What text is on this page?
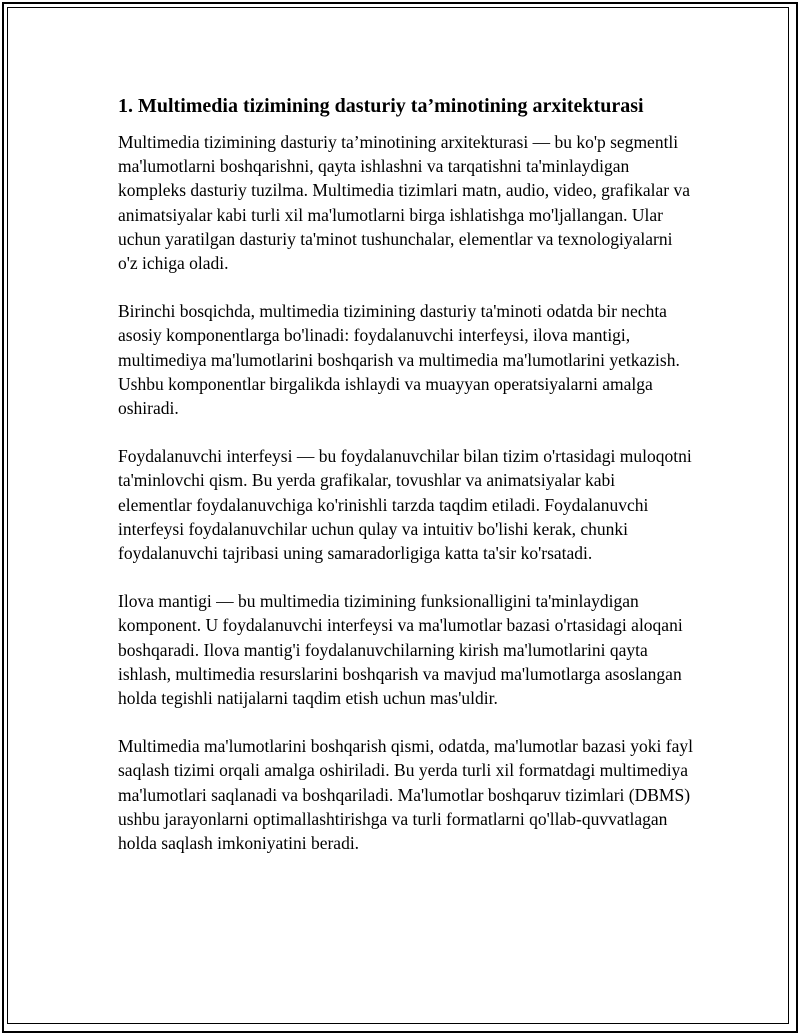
1. Multimedia tizimining dasturiy ta’minotining arxitekturasi

Multimedia tizimining dasturiy ta’minotining arxitekturasi — bu ko'p segmentli ma'lumotlarni boshqarishni, qayta ishlashni va tarqatishni ta'minlaydigan kompleks dasturiy tuzilma. Multimedia tizimlari matn, audio, video, grafikalar va animatsiyalar kabi turli xil ma'lumotlarni birga ishlatishga mo'ljallangan. Ular uchun yaratilgan dasturiy ta'minot tushunchalar, elementlar va texnologiyalarni o'z ichiga oladi.

Birinchi bosqichda, multimedia tizimining dasturiy ta'minoti odatda bir nechta asosiy komponentlarga bo'linadi: foydalanuvchi interfeysi, ilova mantigi, multimediya ma'lumotlarini boshqarish va multimedia ma'lumotlarini yetkazish. Ushbu komponentlar birgalikda ishlaydi va muayyan operatsiyalarni amalga oshiradi.

Foydalanuvchi interfeysi — bu foydalanuvchilar bilan tizim o'rtasidagi muloqotni ta'minlovchi qism. Bu yerda grafikalar, tovushlar va animatsiyalar kabi elementlar foydalanuvchiga ko'rinishli tarzda taqdim etiladi. Foydalanuvchi interfeysi foydalanuvchilar uchun qulay va intuitiv bo'lishi kerak, chunki foydalanuvchi tajribasi uning samaradorligiga katta ta'sir ko'rsatadi.

Ilova mantigi — bu multimedia tizimining funksionalligini ta'minlaydigan komponent. U foydalanuvchi interfeysi va ma'lumotlar bazasi o'rtasidagi aloqani boshqaradi. Ilova mantig'i foydalanuvchilarning kirish ma'lumotlarini qayta ishlash, multimedia resurslarini boshqarish va mavjud ma'lumotlarga asoslangan holda tegishli natijalarni taqdim etish uchun mas'uldir.

Multimedia ma'lumotlarini boshqarish qismi, odatda, ma'lumotlar bazasi yoki fayl saqlash tizimi orqali amalga oshiriladi. Bu yerda turli xil formatdagi multimediya ma'lumotlari saqlanadi va boshqariladi. Ma'lumotlar boshqaruv tizimlari (DBMS) ushbu jarayonlarni optimallashtirishga va turli formatlarni qo'llab-quvvatlagan holda saqlash imkoniyatini beradi.
